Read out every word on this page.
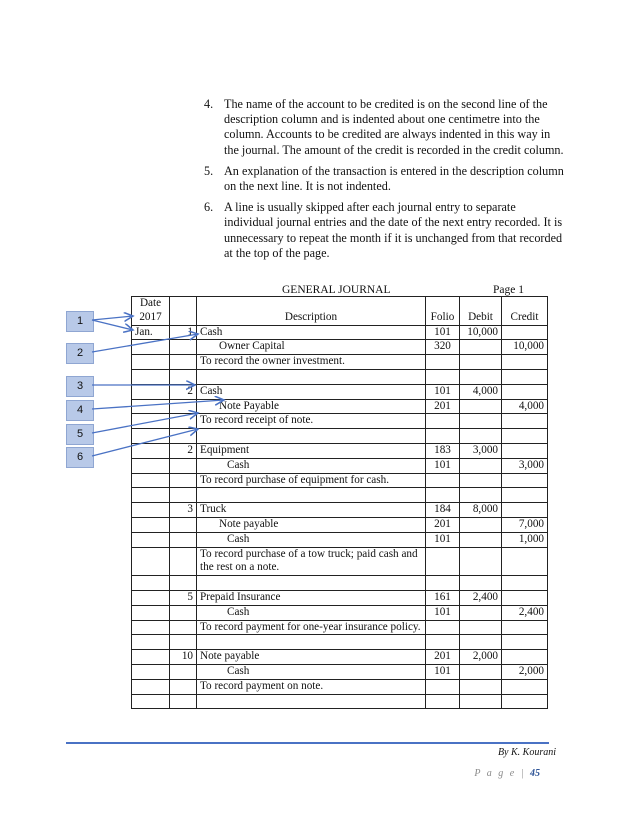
4. The name of the account to be credited is on the second line of the description column and is indented about one centimetre into the column. Accounts to be credited are always indented in this way in the journal. The amount of the credit is recorded in the credit column.
5. An explanation of the transaction is entered in the description column on the next line. It is not indented.
6. A line is usually skipped after each journal entry to separate individual journal entries and the date of the next entry recorded. It is unnecessary to repeat the month if it is unchanged from that recorded at the top of the page.
GENERAL JOURNAL	Page 1
Date
2017		Description	Folio	Debit	Credit
Jan.	1	Cash	101	10,000	
		Owner Capital	320		10,000
		To record the owner investment.			

	2	Cash	101	4,000	
		Note Payable	201		4,000
		To record receipt of note.			

	2	Equipment	183	3,000	
		Cash	101		3,000
		To record purchase of equipment for cash.			

	3	Truck	184	8,000	
		Note payable	201		7,000
		Cash	101		1,000
		To record purchase of a tow truck; paid cash and the rest on a note.			

	5	Prepaid Insurance	161	2,400	
		Cash	101		2,400
		To record payment for one-year insurance policy.			

	10	Note payable	201	2,000	
		Cash	101		2,000
		To record payment on note.			

1
2
3
4
5
6
By K. Kourani
P a g e | 45
